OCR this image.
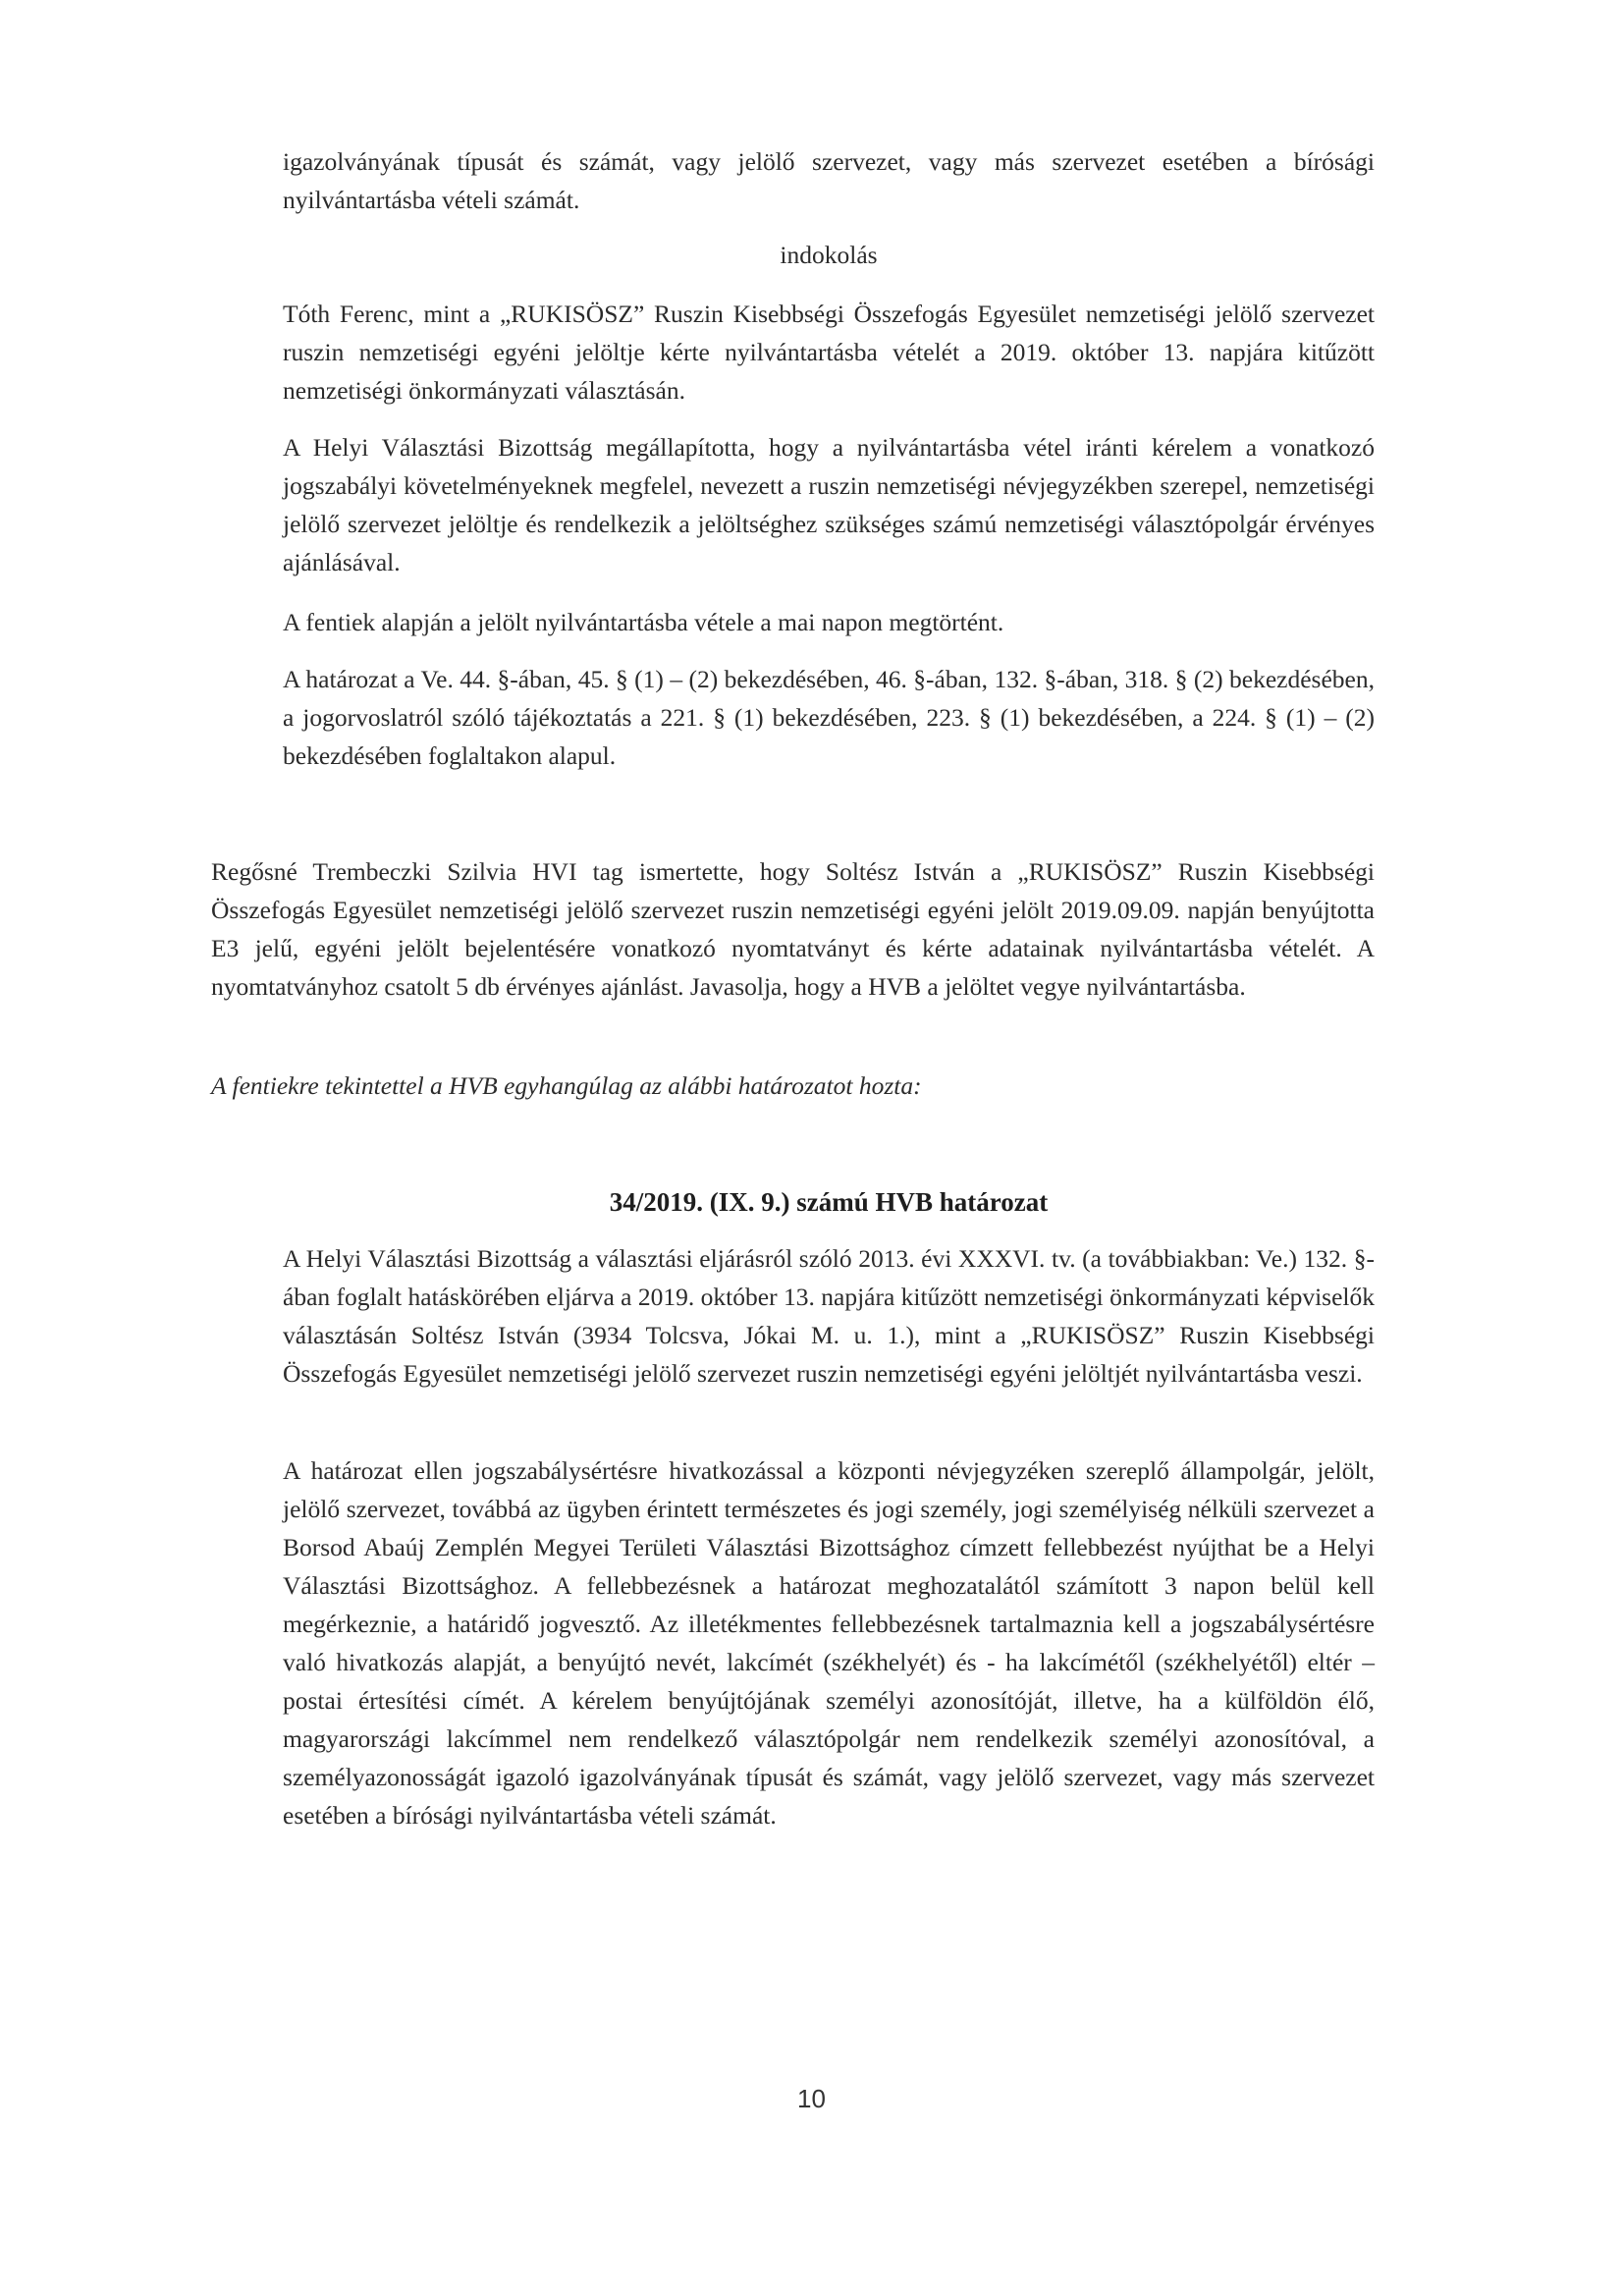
igazolványának típusát és számát, vagy jelölő szervezet, vagy más szervezet esetében a bírósági nyilvántartásba vételi számát.

indokolás

Tóth Ferenc, mint a „RUKISÖSZ” Ruszin Kisebbségi Összefogás Egyesület nemzetiségi jelölő szervezet ruszin nemzetiségi egyéni jelöltje kérte nyilvántartásba vételét a 2019. október 13. napjára kitűzött nemzetiségi önkormányzati választásán.

A Helyi Választási Bizottság megállapította, hogy a nyilvántartásba vétel iránti kérelem a vonatkozó jogszabályi követelményeknek megfelel, nevezett a ruszin nemzetiségi névjegyzékben szerepel, nemzetiségi jelölő szervezet jelöltje és rendelkezik a jelöltséghez szükséges számú nemzetiségi választópolgár érvényes ajánlásával.

A fentiek alapján a jelölt nyilvántartásba vétele a mai napon megtörtént.

A határozat a Ve. 44. §-ában, 45. § (1) – (2) bekezdésében, 46. §-ában, 132. §-ában, 318. § (2) bekezdésében, a jogorvoslatról szóló tájékoztatás a 221. § (1) bekezdésében, 223. § (1) bekezdésében, a 224. § (1) – (2) bekezdésében foglaltakon alapul.

Regősné Trembeczki Szilvia HVI tag ismertette, hogy Soltész István a „RUKISÖSZ” Ruszin Kisebbségi Összefogás Egyesület nemzetiségi jelölő szervezet ruszin nemzetiségi egyéni jelölt 2019.09.09. napján benyújtotta E3 jelű, egyéni jelölt bejelentésére vonatkozó nyomtatványt és kérte adatainak nyilvántartásba vételét. A nyomtatványhoz csatolt 5 db érvényes ajánlást. Javasolja, hogy a HVB a jelöltet vegye nyilvántartásba.

A fentiekre tekintettel a HVB egyhangúlag az alábbi határozatot hozta:

34/2019. (IX. 9.) számú HVB határozat

A Helyi Választási Bizottság a választási eljárásról szóló 2013. évi XXXVI. tv. (a továbbiakban: Ve.) 132. §-ában foglalt hatáskörében eljárva a 2019. október 13. napjára kitűzött nemzetiségi önkormányzati képviselők választásán Soltész István (3934 Tolcsva, Jókai M. u. 1.), mint a „RUKISÖSZ” Ruszin Kisebbségi Összefogás Egyesület nemzetiségi jelölő szervezet ruszin nemzetiségi egyéni jelöltjét nyilvántartásba veszi.

A határozat ellen jogszabálysértésre hivatkozással a központi névjegyzéken szereplő állampolgár, jelölt, jelölő szervezet, továbbá az ügyben érintett természetes és jogi személy, jogi személyiség nélküli szervezet a Borsod Abaúj Zemplén Megyei Területi Választási Bizottsághoz címzett fellebbezést nyújthat be a Helyi Választási Bizottsághoz. A fellebbezésnek a határozat meghozatalától számított 3 napon belül kell megérkeznie, a határidő jogvesztő. Az illetékmentes fellebbezésnek tartalmaznia kell a jogszabálysértésre való hivatkozás alapját, a benyújtó nevét, lakcímét (székhelyét) és - ha lakcímétől (székhelyétől) eltér – postai értesítési címét. A kérelem benyújtójának személyi azonosítóját, illetve, ha a külföldön élő, magyarországi lakcímmel nem rendelkező választópolgár nem rendelkezik személyi azonosítóval, a személyazonosságát igazoló igazolványának típusát és számát, vagy jelölő szervezet, vagy más szervezet esetében a bírósági nyilvántartásba vételi számát.

10
